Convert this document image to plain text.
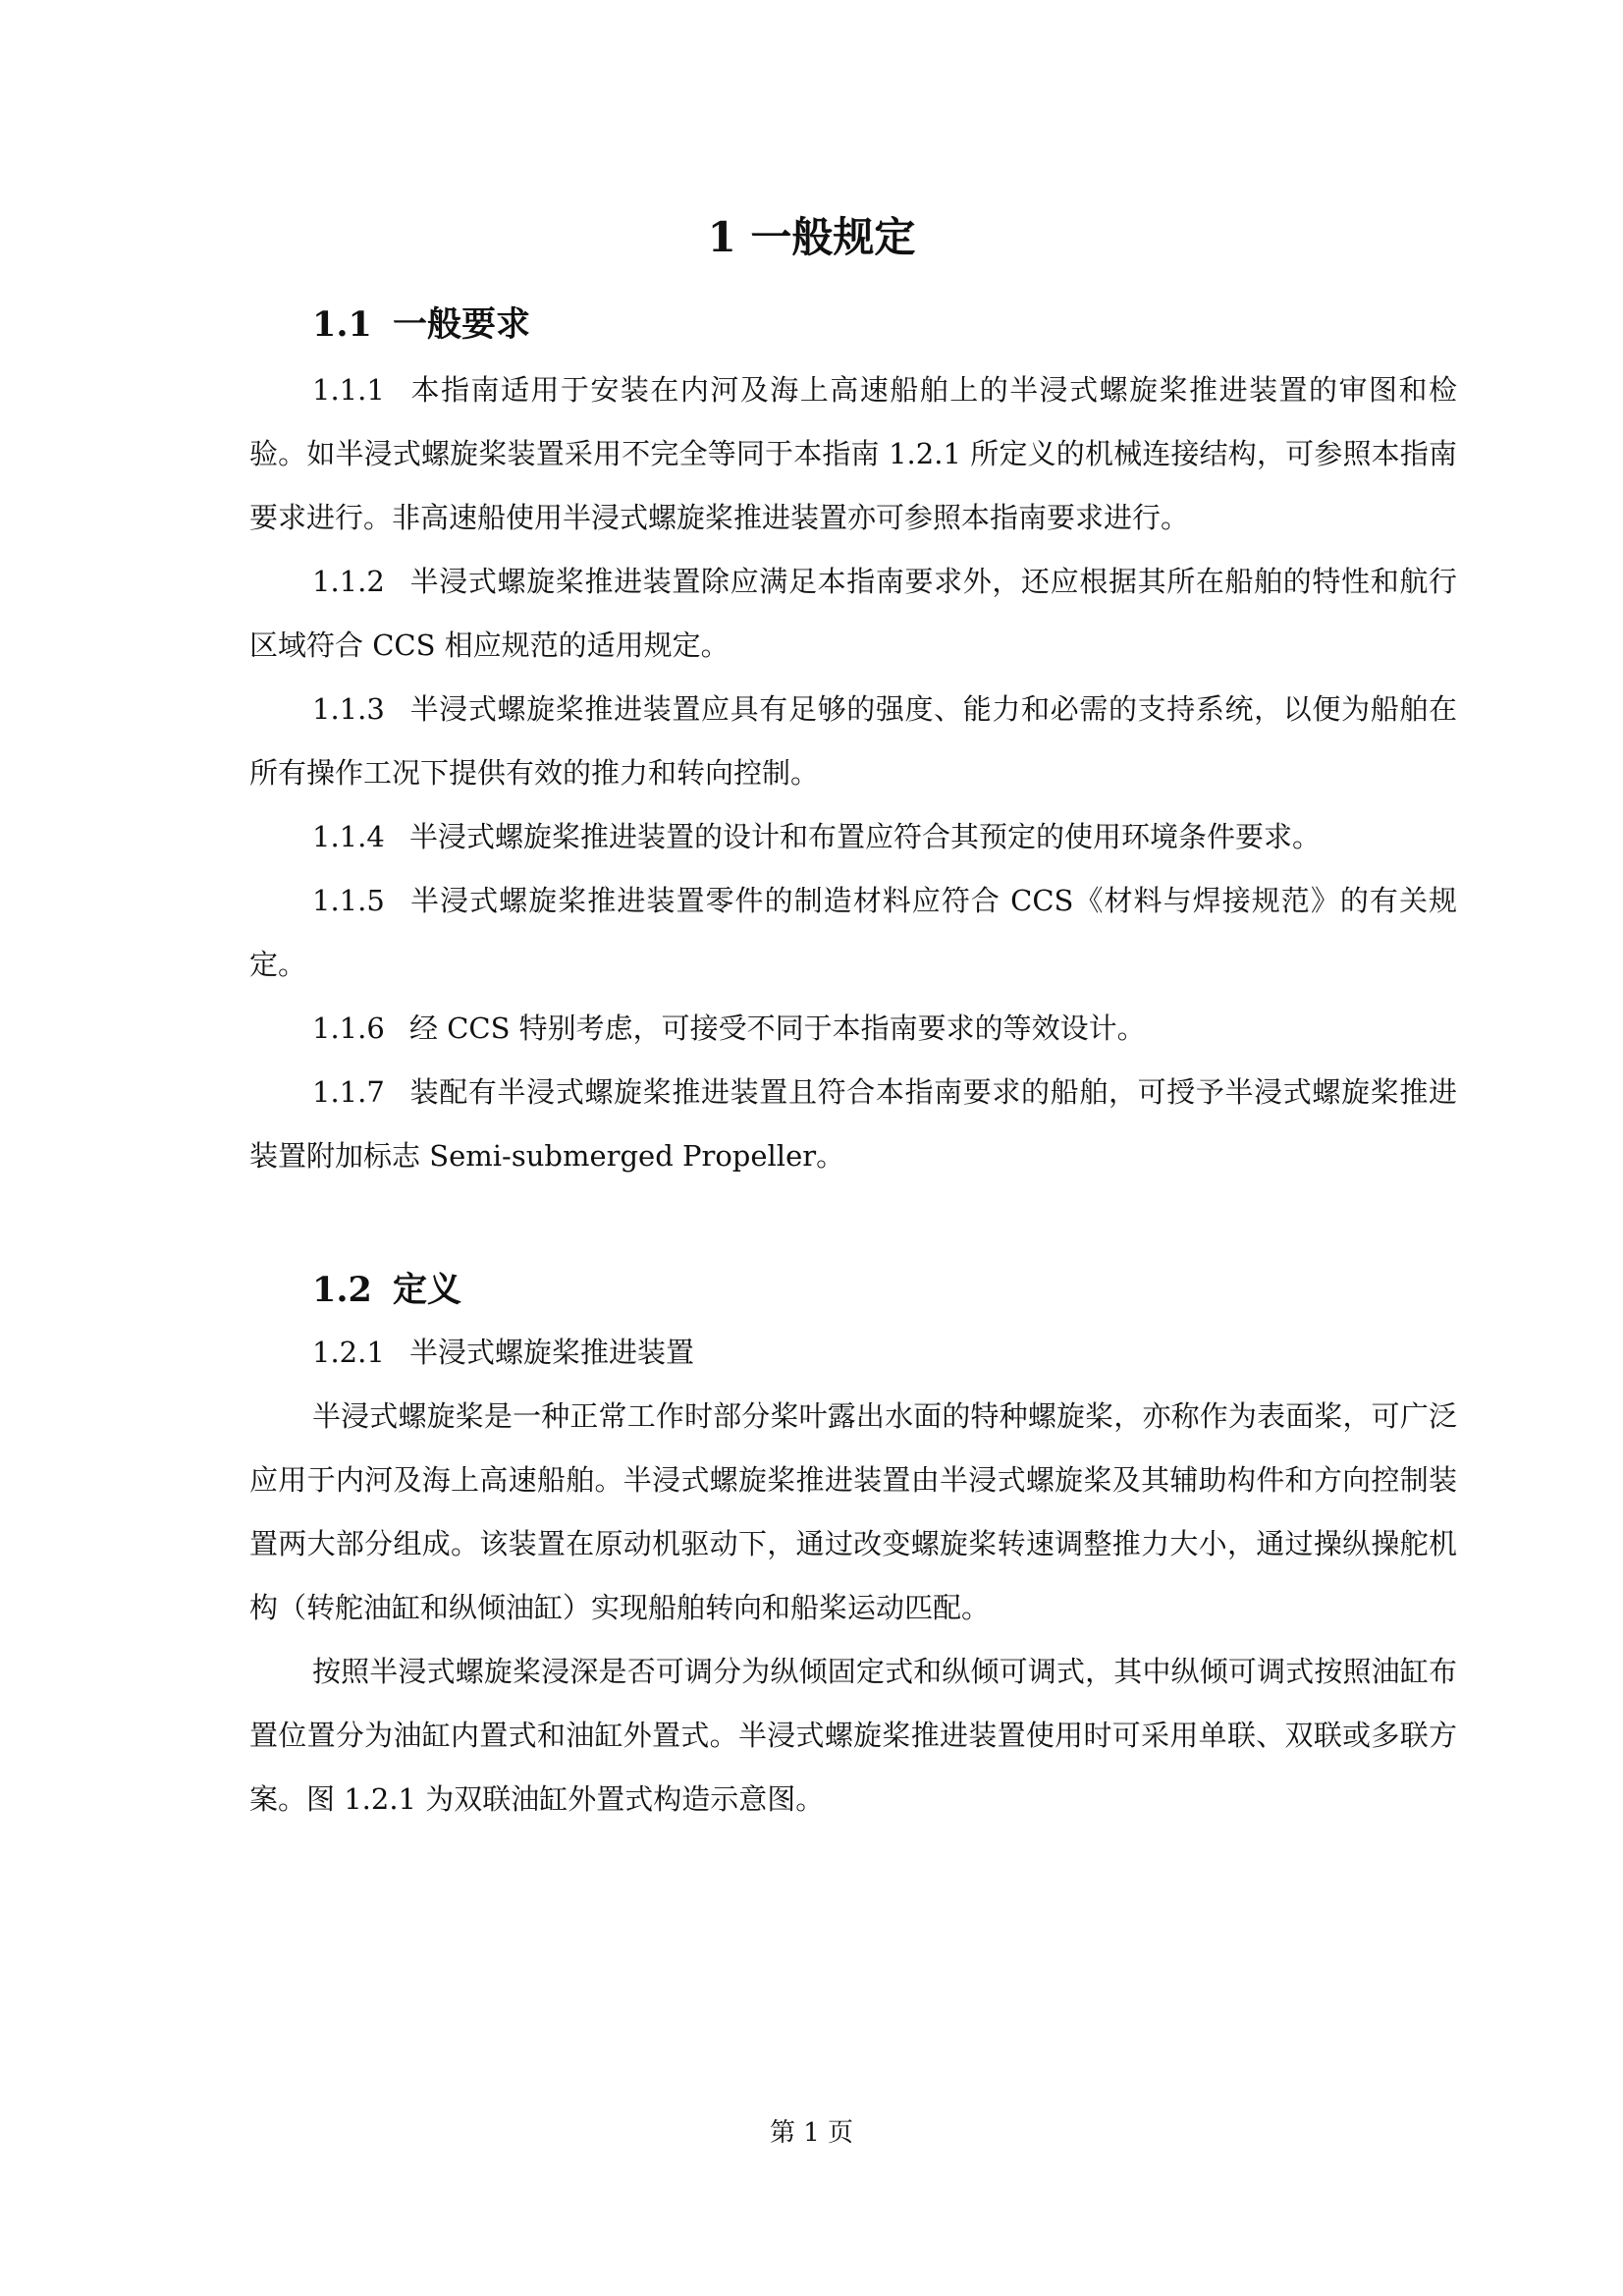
1 一般规定
1.1 一般要求

1.1.1 本指南适用于安装在内河及海上高速船舶上的半浸式螺旋桨推进装置的审图和检验。如半浸式螺旋桨装置采用不完全等同于本指南 1.2.1 所定义的机械连接结构，可参照本指南要求进行。非高速船使用半浸式螺旋桨推进装置亦可参照本指南要求进行。

1.1.2 半浸式螺旋桨推进装置除应满足本指南要求外，还应根据其所在船舶的特性和航行区域符合 CCS 相应规范的适用规定。

1.1.3 半浸式螺旋桨推进装置应具有足够的强度、能力和必需的支持系统，以便为船舶在所有操作工况下提供有效的推力和转向控制。

1.1.4 半浸式螺旋桨推进装置的设计和布置应符合其预定的使用环境条件要求。

1.1.5 半浸式螺旋桨推进装置零件的制造材料应符合 CCS《材料与焊接规范》的有关规定。

1.1.6 经 CCS 特别考虑，可接受不同于本指南要求的等效设计。

1.1.7 装配有半浸式螺旋桨推进装置且符合本指南要求的船舶，可授予半浸式螺旋桨推进装置附加标志 Semi-submerged Propeller。

1.2 定义

1.2.1 半浸式螺旋桨推进装置

半浸式螺旋桨是一种正常工作时部分桨叶露出水面的特种螺旋桨，亦称作为表面桨，可广泛应用于内河及海上高速船舶。半浸式螺旋桨推进装置由半浸式螺旋桨及其辅助构件和方向控制装置两大部分组成。该装置在原动机驱动下，通过改变螺旋桨转速调整推力大小，通过操纵操舵机构（转舵油缸和纵倾油缸）实现船舶转向和船桨运动匹配。

按照半浸式螺旋桨浸深是否可调分为纵倾固定式和纵倾可调式，其中纵倾可调式按照油缸布置位置分为油缸内置式和油缸外置式。半浸式螺旋桨推进装置使用时可采用单联、双联或多联方案。图 1.2.1 为双联油缸外置式构造示意图。

第 1 页
